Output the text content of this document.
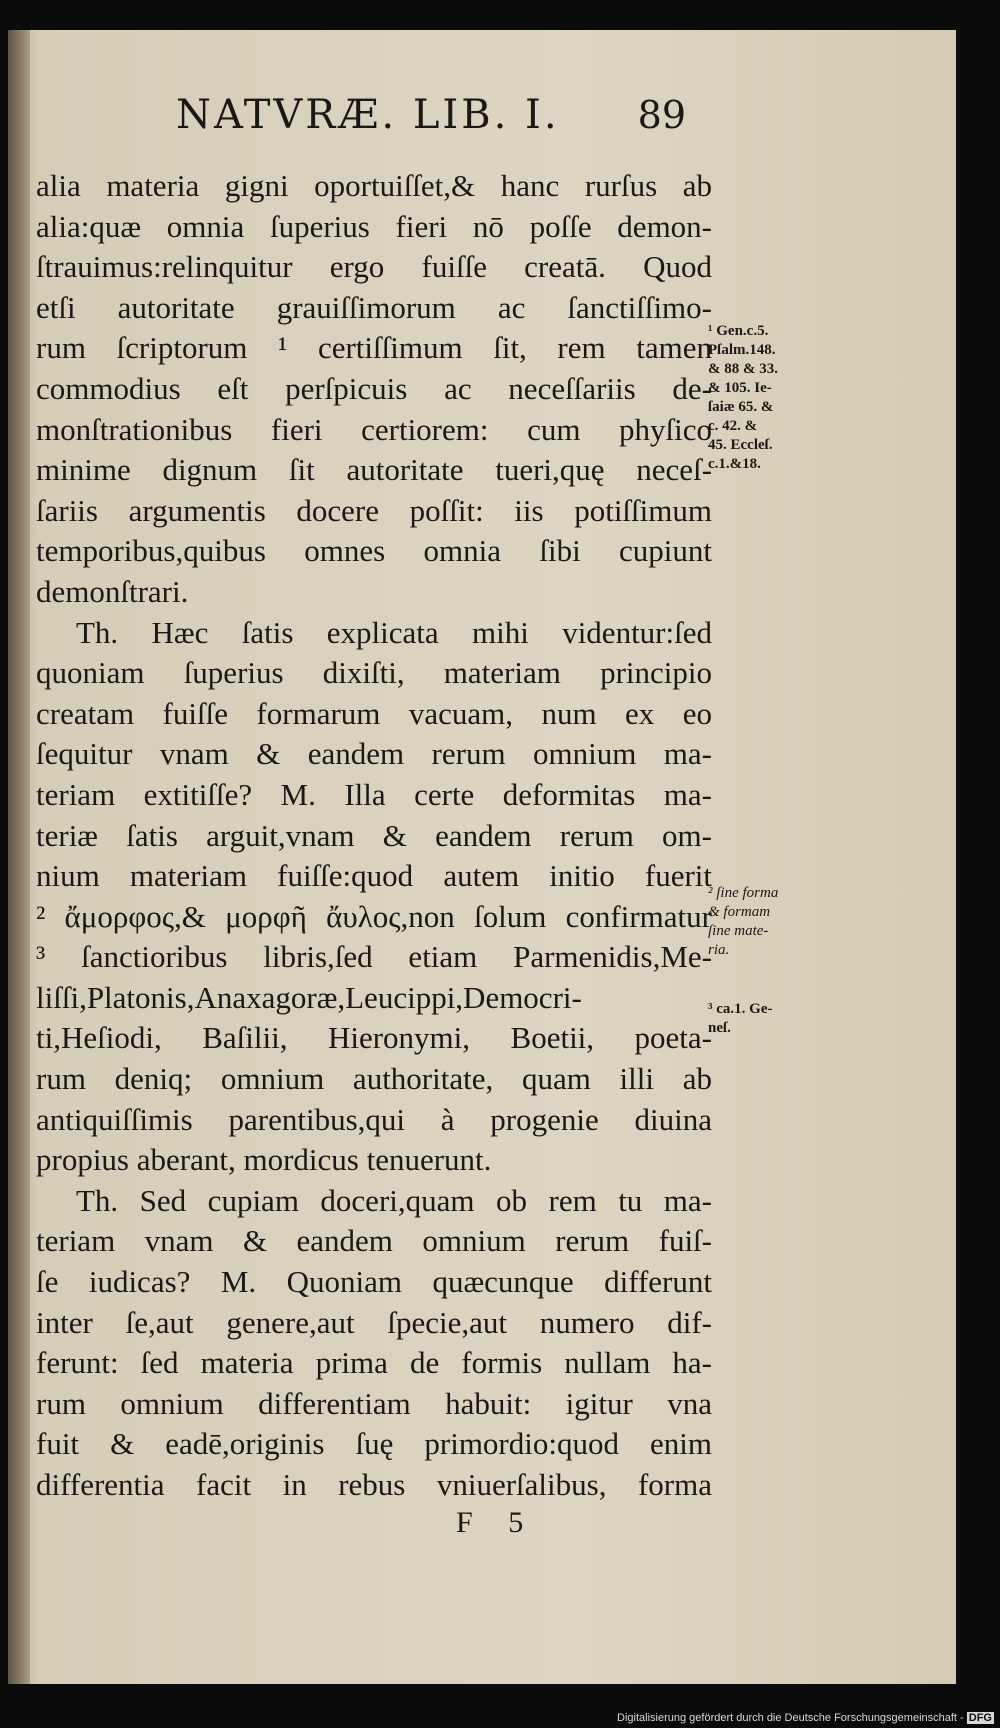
NATVRÆ. LIB. I. 89
alia materia gigni oportuiſſet,& hanc rurſus ab
alia:quæ omnia ſuperius fieri nō poſſe demon-
ſtrauimus:relinquitur ergo fuiſſe creatā. Quod
etſi autoritate grauiſſimorum ac ſanctiſſimo-
rum ſcriptorum ¹ certiſſimum ſit, rem tamen
commodius eſt perſpicuis ac neceſſariis de-
monſtrationibus fieri certiorem: cum phyſico
minime dignum ſit autoritate tueri,quę neceſ-
ſariis argumentis docere poſſit: iis potiſſimum
temporibus,quibus omnes omnia ſibi cupiunt
demonſtrari.
Th. Hæc ſatis explicata mihi videntur:ſed
quoniam ſuperius dixiſti, materiam principio
creatam fuiſſe formarum vacuam, num ex eo
ſequitur vnam & eandem rerum omnium ma-
teriam extitiſſe? M. Illa certe deformitas ma-
teriæ ſatis arguit,vnam & eandem rerum om-
nium materiam fuiſſe:quod autem initio fuerit
² ἄμορφος,& μορφῆ ἄυλος,non ſolum confirmatur
³ ſanctioribus libris,ſed etiam Parmenidis,Me-
liſſi,Platonis,Anaxagoræ,Leucippi,Democri-
ti,Heſiodi, Baſilii, Hieronymi, Boetii, poeta-
rum deniq; omnium authoritate, quam illi ab
antiquiſſimis parentibus,qui à progenie diuina
propius aberant, mordicus tenuerunt.
Th. Sed cupiam doceri,quam ob rem tu ma-
teriam vnam & eandem omnium rerum fuiſ-
ſe iudicas? M. Quoniam quæcunque differunt
inter ſe,aut genere,aut ſpecie,aut numero dif-
ferunt: ſed materia prima de formis nullam ha-
rum omnium differentiam habuit: igitur vna
fuit & eadē,originis ſuę primordio:quod enim
differentia facit in rebus vniuerſalibus, forma
¹ Gen.c.5.
Pſalm.148.
& 88 & 33.
& 105. Ie-
ſaiæ 65. &
c. 42. &
45. Eccleſ.
c.1.&18.
² ſine forma
& formam
ſine mate-
ria.
³ ca.1. Ge-
neſ.
F 5
Digitalisierung gefördert durch die Deutsche Forschungsgemeinschaft - DFG
